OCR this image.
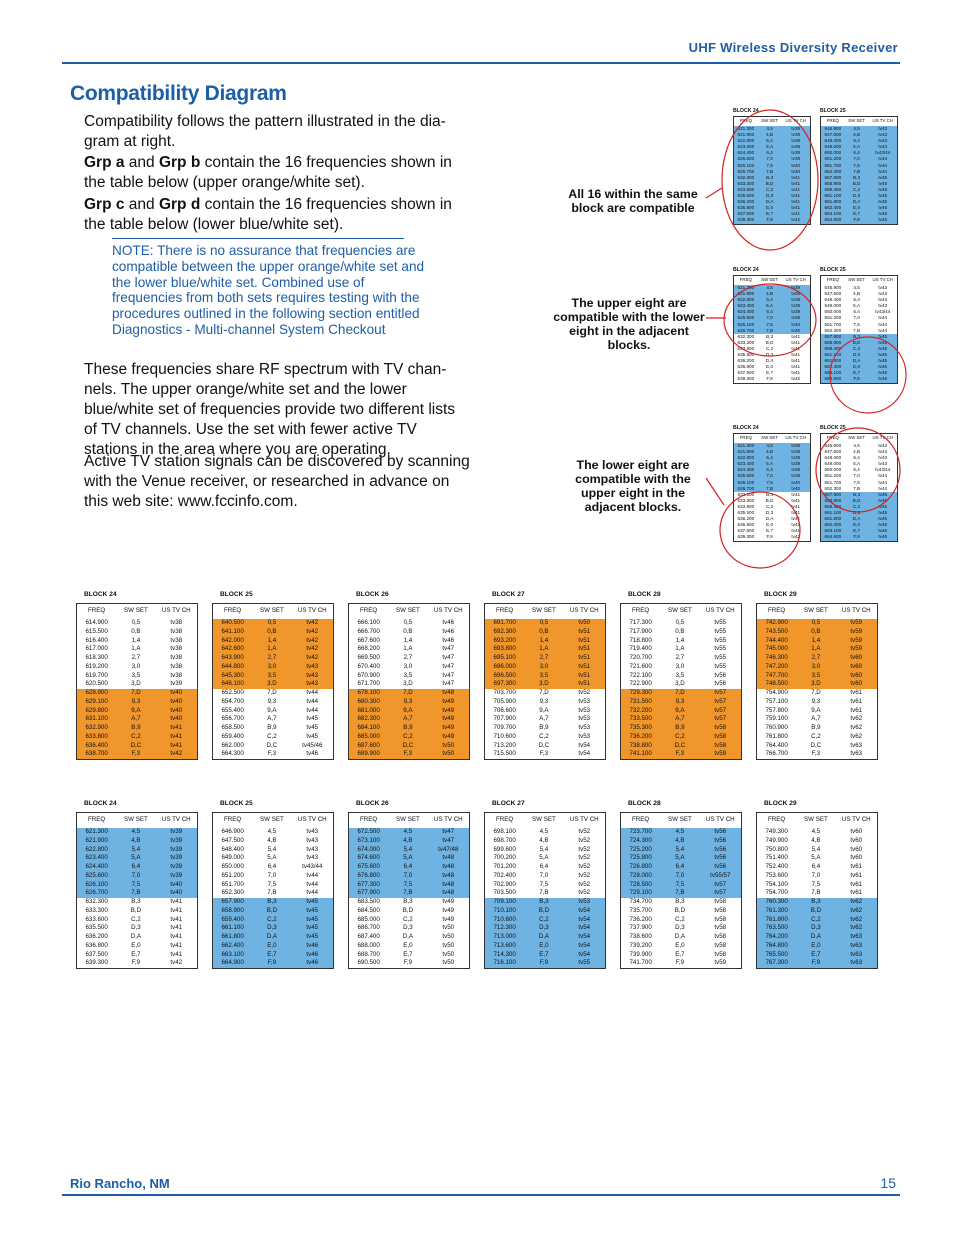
UHF Wireless Diversity Receiver
Compatibility Diagram
Compatibility follows the pattern illustrated in the dia-gram at right.
Grp a and Grp b contain the 16 frequencies shown in the table below (upper orange/white set).
Grp c and Grp d contain the 16 frequencies shown in the table below (lower blue/white set).
NOTE: There is no assurance that frequencies are compatible between the upper orange/white set and the lower blue/white set. Combined use of frequencies from both sets requires testing with the procedures outlined in the following section entitled Diagnostics - Multi-channel System Checkout
These frequencies share RF spectrum with TV chan-nels. The upper orange/white set and the lower blue/white set of frequencies provide two different lists of TV channels. Use the set with fewer active TV stations in the area where you are operating.
Active TV station signals can be discovered by scanning with the Venue receiver, or researched in advance on this web site: www.fccinfo.com.
All 16 within the same block are compatible
The upper eight are compatible with the lower eight in the adjacent blocks.
The lower eight are compatible with the upper eight in the adjacent blocks.
BLOCK 24
FREQ	SW SET	US TV CH
621.300	4,5	tv39
621.900	4,B	tv39
622.800	5,4	tv39
623.400	5,A	tv39
624.400	6,4	tv39
625.600	7,0	tv39
626.100	7,5	tv40
626.700	7,B	tv40
632.300	B,3	tv41
633.300	B,D	tv41
633.800	C,2	tv41
635.500	D,3	tv41
636.200	D,A	tv41
636.800	E,0	tv41
637.500	E,7	tv41
639.300	F,9	tv42
BLOCK 25
FREQ	SW SET	US TV CH
646.900	4,5	tv43
647.500	4,B	tv43
648.400	5,4	tv43
649.000	5,A	tv43
650.000	6,4	tv43/44
651.200	7,0	tv44
651.700	7,5	tv44
652.300	7,B	tv44
657.900	B,3	tv45
658.900	B,D	tv45
659.400	C,2	tv45
661.100	D,3	tv45
661.800	D,A	tv45
662.400	E,0	tv46
663.100	E,7	tv46
664.900	F,9	tv46
BLOCK 24
FREQ	SW SET	US TV CH
621.300	4,5	tv39
621.900	4,B	tv39
622.800	5,4	tv39
623.400	5,A	tv39
624.400	6,4	tv39
625.600	7,0	tv39
626.100	7,5	tv40
626.700	7,B	tv40
632.300	B,3	tv41
633.300	B,D	tv41
633.800	C,2	tv41
635.500	D,3	tv41
636.200	D,A	tv41
636.800	E,0	tv41
637.500	E,7	tv41
639.300	F,9	tv42
BLOCK 25
FREQ	SW SET	US TV CH
646.900	4,5	tv43
647.500	4,B	tv43
648.400	5,4	tv43
649.000	5,A	tv43
650.000	6,4	tv43/44
651.200	7,0	tv44
651.700	7,5	tv44
652.300	7,B	tv44
657.900	B,3	tv45
658.900	B,D	tv45
659.400	C,2	tv45
661.100	D,3	tv45
661.800	D,A	tv45
662.400	E,0	tv46
663.100	E,7	tv46
664.900	F,9	tv46
BLOCK 24
FREQ	SW SET	US TV CH
621.300	4,5	tv39
621.900	4,B	tv39
622.800	5,4	tv39
623.400	5,A	tv39
624.400	6,4	tv39
625.600	7,0	tv39
626.100	7,5	tv40
626.700	7,B	tv40
632.300	B,3	tv41
633.300	B,D	tv41
633.800	C,2	tv41
635.500	D,3	tv41
636.200	D,A	tv41
636.800	E,0	tv41
637.500	E,7	tv41
639.300	F,9	tv42
BLOCK 25
FREQ	SW SET	US TV CH
646.900	4,5	tv43
647.500	4,B	tv43
648.400	5,4	tv43
649.000	5,A	tv43
650.000	6,4	tv43/44
651.200	7,0	tv44
651.700	7,5	tv44
652.300	7,B	tv44
657.900	B,3	tv45
658.900	B,D	tv45
659.400	C,2	tv45
661.100	D,3	tv45
661.800	D,A	tv45
662.400	E,0	tv46
663.100	E,7	tv46
664.900	F,9	tv46
BLOCK 24
FREQ	SW SET	US TV CH
614.900	0,5	tv38
615.500	0,B	tv38
616.400	1,4	tv38
617.000	1,A	tv38
618.300	2,7	tv38
619.200	3,0	tv38
619.700	3,5	tv38
620.500	3,D	tv39
628.900	7,D	tv40
629.100	9,3	tv40
629.800	9,A	tv40
631.100	A,7	tv40
632.900	B,9	tv41
633.800	C,2	tv41
636.400	D,C	tv41
638.700	F,3	tv42
BLOCK 24
FREQ	SW SET	US TV CH
621.300	4,5	tv39
621.900	4,B	tv39
622.800	5,4	tv39
623.400	5,A	tv39
624.400	6,4	tv39
625.600	7,0	tv39
626.100	7,5	tv40
626.700	7,B	tv40
632.300	B,3	tv41
633.300	B,D	tv41
633.600	C,2	tv41
635.500	D,3	tv41
636.200	D,A	tv41
636.800	E,0	tv41
637.500	E,7	tv41
639.300	F,9	tv42
BLOCK 25
FREQ	SW SET	US TV CH
640.500	0,5	tv42
641.100	0,B	tv42
642.000	1,4	tv42
642.600	1,A	tv42
643.900	2,7	tv42
644.800	3,0	tv43
645.300	3,5	tv43
646.100	3,D	tv43
652.500	7,D	tv44
654.700	9,3	tv44
655.400	9,A	tv44
656.700	A,7	tv45
658.500	B,9	tv45
659.400	C,2	tv45
662.000	D,C	tv45/46
664.300	F,3	tv46
BLOCK 25
FREQ	SW SET	US TV CH
646.900	4,5	tv43
647.500	4,B	tv43
648.400	5,4	tv43
649.000	5,A	tv43
650.000	6,4	tv43/44
651.200	7,0	tv44
651.700	7,5	tv44
652.300	7,B	tv44
657.900	B,3	tv45
658.900	B,D	tv45
659.400	C,2	tv45
661.100	D,3	tv45
661.800	D,A	tv45
662.400	E,0	tv46
663.100	E,7	tv46
664.900	F,9	tv46
BLOCK 26
FREQ	SW SET	US TV CH
666.100	0,5	tv46
666.700	0,B	tv46
667.600	1,4	tv46
668.200	1,A	tv47
669.500	2,7	tv47
670.400	3,0	tv47
670.900	3,5	tv47
671.700	3,D	tv47
678.100	7,D	tv48
680.300	9,3	tv49
681.000	9,A	tv49
682.300	A,7	tv49
684.100	B,9	tv49
685.000	C,2	tv49
687.600	D,C	tv50
689.900	F,3	tv50
BLOCK 26
FREQ	SW SET	US TV CH
672.500	4,5	tv47
673.100	4,B	tv47
674.000	5,4	tv47/48
674.600	5,A	tv48
675.600	6,4	tv48
676.800	7,0	tv48
677.300	7,5	tv48
677.900	7,B	tv48
683.500	B,3	tv49
684.500	B,D	tv49
685.000	C,2	tv49
686.700	D,3	tv50
687.400	D,A	tv50
688.000	E,0	tv50
688.700	E,7	tv50
690.500	F,9	tv50
BLOCK 27
FREQ	SW SET	US TV CH
691.700	0,5	tv50
692.300	0,B	tv51
693.200	1,4	tv51
693.800	1,A	tv51
695.100	2,7	tv51
696.000	3,0	tv51
696.500	3,5	tv51
697.300	3,D	tv51
703.700	7,D	tv52
705.900	9,3	tv53
706.600	9,A	tv53
707.900	A,7	tv53
709.700	B,9	tv53
710.600	C,2	tv53
713.200	D,C	tv54
715.500	F,3	tv54
BLOCK 27
FREQ	SW SET	US TV CH
698.100	4,5	tv52
698.700	4,B	tv52
699.600	5,4	tv52
700.200	5,A	tv52
701.200	6,4	tv52
702.400	7,0	tv52
702.900	7,5	tv52
703.500	7,B	tv52
709.100	B,3	tv53
710.100	B,D	tv54
710.600	C,2	tv54
712.300	D,3	tv54
713.000	D,A	tv54
713.600	E,0	tv54
714.300	E,7	tv54
716.100	F,9	tv55
BLOCK 28
FREQ	SW SET	US TV CH
717.300	0,5	tv55
717.900	0,B	tv55
718.800	1,4	tv55
719.400	1,A	tv55
720.700	2,7	tv55
721.600	3,0	tv55
722.100	3,5	tv56
722.900	3,D	tv56
729.300	7,D	tv57
731.500	9,3	tv57
732.200	9,A	tv57
733.500	A,7	tv57
735.300	B,9	tv58
736.200	C,2	tv58
738.800	D,C	tv58
741.100	F,3	tv59
BLOCK 28
FREQ	SW SET	US TV CH
723.700	4,5	tv56
724.300	4,B	tv56
725.200	5,4	tv56
725.800	5,A	tv56
726.800	6,4	tv56
728.000	7,0	tv55/57
728.500	7,5	tv57
729.100	7,B	tv57
734.700	B,3	tv58
735.700	B,D	tv58
736.200	C,2	tv58
737.900	D,3	tv58
738.600	D,A	tv58
739.200	E,0	tv58
739.900	E,7	tv58
741.700	F,9	tv59
BLOCK 29
FREQ	SW SET	US TV CH
742.900	0,5	tv59
743.500	0,B	tv59
744.400	1,4	tv59
745.000	1,A	tv59
746.300	2,7	tv60
747.200	3,0	tv60
747.700	3,5	tv60
748.500	3,D	tv60
754.900	7,D	tv61
757.100	9,3	tv61
757.800	9,A	tv61
759.100	A,7	tv62
760.900	B,9	tv62
761.800	C,2	tv62
764.400	D,C	tv63
766.700	F,3	tv63
BLOCK 29
FREQ	SW SET	US TV CH
749.300	4,5	tv60
749.900	4,B	tv60
750.800	5,4	tv60
751.400	5,A	tv60
752.400	6,4	tv61
753.600	7,0	tv61
754.100	7,5	tv61
754.700	7,B	tv61
760.300	B,3	tv62
761.300	B,D	tv62
761.800	C,2	tv62
763.500	D,3	tv62
764.200	D,A	tv63
764.800	E,0	tv63
765.500	E,7	tv63
767.300	F,9	tv63
Rio Rancho, NM	15
